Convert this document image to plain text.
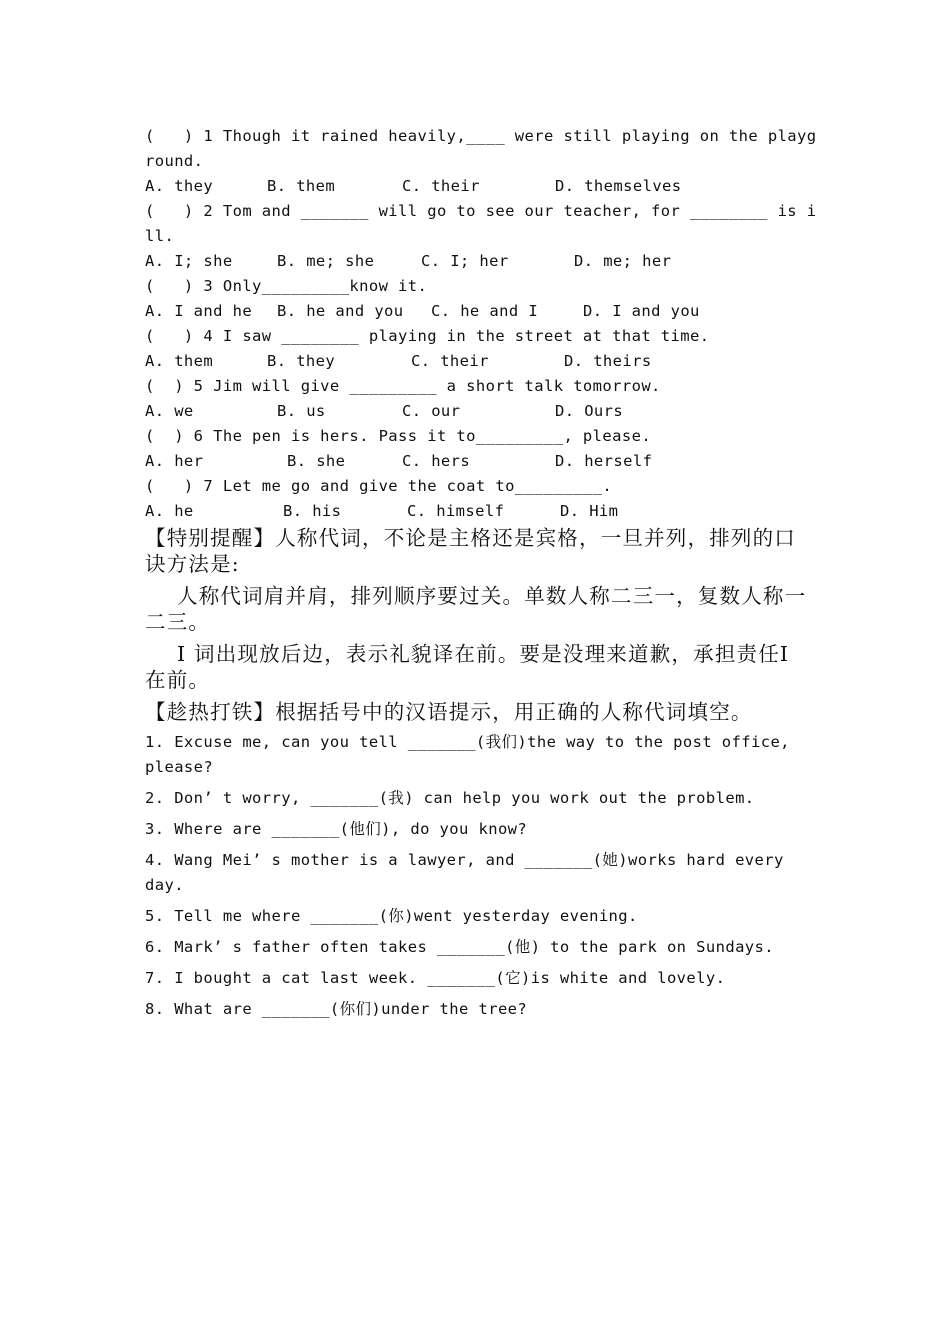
(   ) 1 Though it rained heavily,____ were still playing on the playg
round.

A. they

	B. them

	C. their

	D. themselves

(   ) 2 Tom and _______ will go to see our teacher, for ________ is i
ll.

A. I; she

	B. me; she

	C. I; her

	D. me; her

(   ) 3 Only_________know it.

A. I and he

B. he and you

C. he and I

	D. I and you

(   ) 4 I saw ________ playing in the street at that time.

A. them

	B. they

	C. their

	D. theirs

(  ) 5 Jim will give _________ a short talk tomorrow.

A. we

	B. us

	C. our

	D. Ours

(  ) 6 The pen is hers. Pass it to_________, please.

A. her

	B. she

	C. hers

	D. herself

(   ) 7 Let me go and give the coat to_________.

A. he

	B. his

	C. himself

	D. Him

【特别提醒】人称代词，不论是主格还是宾格，一旦并列，排列的口诀方法是:
人称代词肩并肩，排列顺序要过关。单数人称二三一，复数人称一二三。
I 词出现放后边，表示礼貌译在前。要是没理来道歉，承担责任I在前。
【趁热打铁】根据括号中的汉语提示，用正确的人称代词填空。
1. Excuse me, can you tell _______(我们)the way to the post office, please?
2. Don’ t worry, _______(我) can help you work out the problem.
3. Where are _______(他们), do you know?
4. Wang Mei’ s mother is a lawyer, and _______(她)works hard every day.
5. Tell me where _______(你)went yesterday evening.
6. Mark’ s father often takes _______(他) to the park on Sundays.
7. I bought a cat last week. _______(它)is white and lovely.
8. What are _______(你们)under the tree?
